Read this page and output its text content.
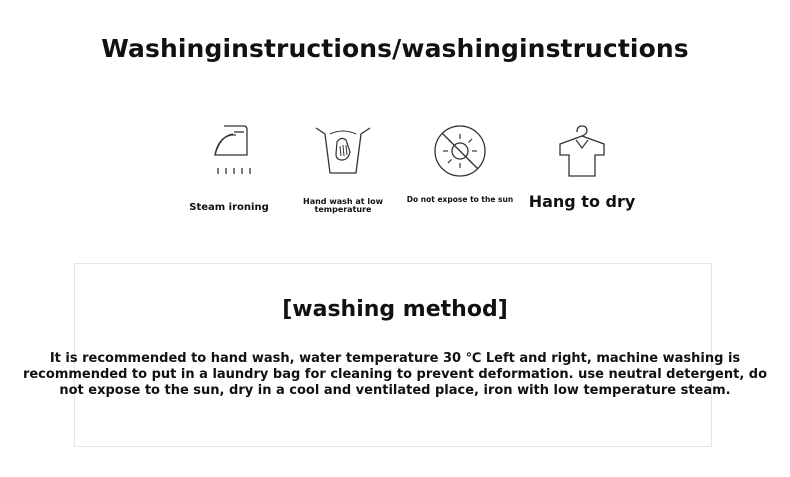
Washinginstructions/washinginstructions
Steam ironing
Hand wash at low temperature
Do not expose to the sun Hang to dry
[washing method]
It is recommended to hand wash, water temperature 30 ℃ Left and right, machine washing is recommended to put in a laundry bag for cleaning to prevent deformation. use neutral detergent, do not expose to the sun, dry in a cool and ventilated place, iron with low temperature steam.
